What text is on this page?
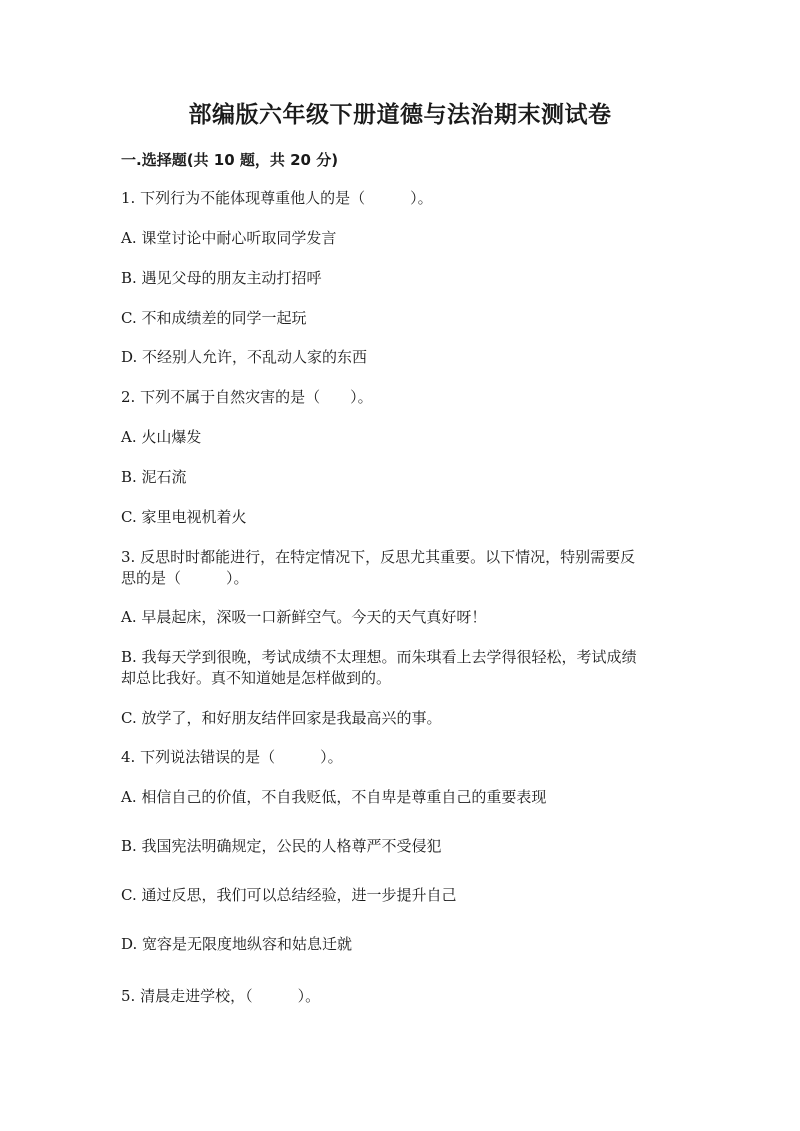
部编版六年级下册道德与法治期末测试卷
一.选择题(共 10 题，共 20 分)
1. 下列行为不能体现尊重他人的是（　　　）。
A. 课堂讨论中耐心听取同学发言
B. 遇见父母的朋友主动打招呼
C. 不和成绩差的同学一起玩
D. 不经别人允许，不乱动人家的东西
2. 下列不属于自然灾害的是（　　）。
A. 火山爆发
B. 泥石流
C. 家里电视机着火
3. 反思时时都能进行，在特定情况下，反思尤其重要。以下情况，特别需要反
思的是（　　　）。
A. 早晨起床，深吸一口新鲜空气。今天的天气真好呀！
B. 我每天学到很晚，考试成绩不太理想。而朱琪看上去学得很轻松，考试成绩
却总比我好。真不知道她是怎样做到的。
C. 放学了，和好朋友结伴回家是我最高兴的事。
4. 下列说法错误的是（　　　）。
A. 相信自己的价值，不自我贬低，不自卑是尊重自己的重要表现
B. 我国宪法明确规定，公民的人格尊严不受侵犯
C. 通过反思，我们可以总结经验，进一步提升自己
D. 宽容是无限度地纵容和姑息迁就
5. 清晨走进学校，（　　　）。
